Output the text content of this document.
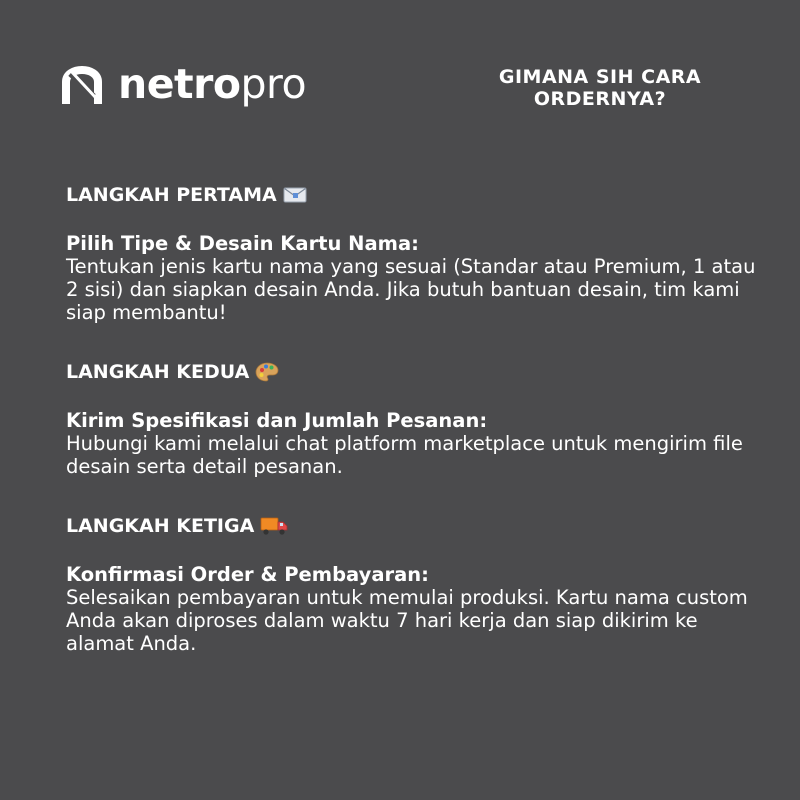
netropro	GIMANA SIH CARA ORDERNYA?
LANGKAH PERTAMA
Pilih Tipe & Desain Kartu Nama:
Tentukan jenis kartu nama yang sesuai (Standar atau Premium, 1 atau 2 sisi) dan siapkan desain Anda. Jika butuh bantuan desain, tim kami siap membantu!
LANGKAH KEDUA
Kirim Spesifikasi dan Jumlah Pesanan:
Hubungi kami melalui chat platform marketplace untuk mengirim file desain serta detail pesanan.
LANGKAH KETIGA
Konfirmasi Order & Pembayaran:
Selesaikan pembayaran untuk memulai produksi. Kartu nama custom Anda akan diproses dalam waktu 7 hari kerja dan siap dikirim ke alamat Anda.
